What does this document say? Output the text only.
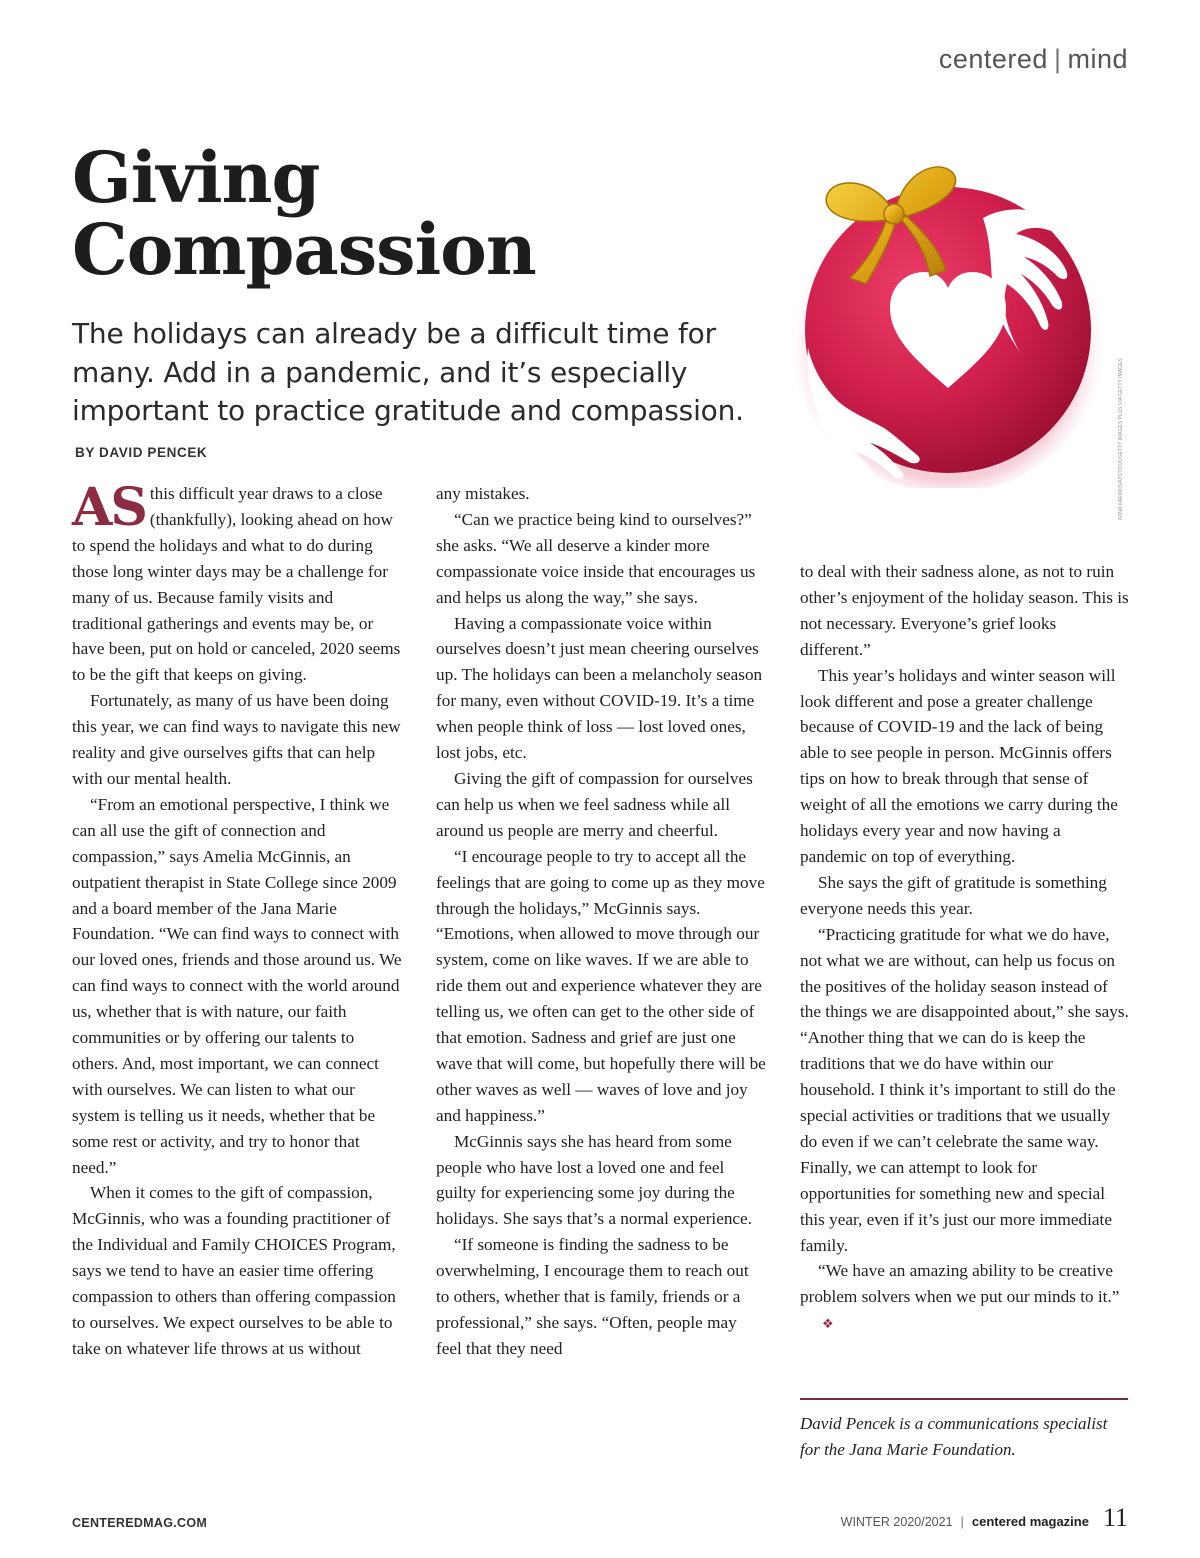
centered | mind
Giving
Compassion

The holidays can already be a difficult time for many. Add in a pandemic, and it’s especially important to practice gratitude and compassion.

BY DAVID PENCEK	IRINA KARIMOVA/ISTOCK/GETTY IMAGES PLUS VIA GETTY IMAGES

AS this difficult year draws to a close (thankfully), looking ahead on how to spend the holidays and what to do during those long winter days may be a challenge for many of us. Because family visits and traditional gatherings and events may be, or have been, put on hold or canceled, 2020 seems to be the gift that keeps on giving.

Fortunately, as many of us have been doing this year, we can find ways to navigate this new reality and give ourselves gifts that can help with our mental health.

“From an emotional perspective, I think we can all use the gift of connection and compassion,” says Amelia McGinnis, an outpatient therapist in State College since 2009 and a board member of the Jana Marie Foundation. “We can find ways to connect with our loved ones, friends and those around us. We can find ways to connect with the world around us, whether that is with nature, our faith communities or by offering our talents to others. And, most important, we can connect with ourselves. We can listen to what our system is telling us it needs, whether that be some rest or activity, and try to honor that need.”

When it comes to the gift of compassion, McGinnis, who was a founding practitioner of the Individual and Family CHOICES Program, says we tend to have an easier time offering compassion to others than offering compassion to ourselves. We expect ourselves to be able to take on whatever life throws at us without

any mistakes.

“Can we practice being kind to ourselves?” she asks. “We all deserve a kinder more compassionate voice inside that encourages us and helps us along the way,” she says.

Having a compassionate voice within ourselves doesn’t just mean cheering ourselves up. The holidays can been a melancholy season for many, even without COVID-19. It’s a time when people think of loss — lost loved ones, lost jobs, etc.

Giving the gift of compassion for ourselves can help us when we feel sadness while all around us people are merry and cheerful.

“I encourage people to try to accept all the feelings that are going to come up as they move through the holidays,” McGinnis says. “Emotions, when allowed to move through our system, come on like waves. If we are able to ride them out and experience whatever they are telling us, we often can get to the other side of that emotion. Sadness and grief are just one wave that will come, but hopefully there will be other waves as well — waves of love and joy and happiness.”

McGinnis says she has heard from some people who have lost a loved one and feel guilty for experiencing some joy during the holidays. She says that’s a normal experience.

“If someone is finding the sadness to be overwhelming, I encourage them to reach out to others, whether that is family, friends or a professional,” she says. “Often, people may feel that they need

to deal with their sadness alone, as not to ruin other’s enjoyment of the holiday season. This is not necessary. Everyone’s grief looks different.”

This year’s holidays and winter season will look different and pose a greater challenge because of COVID-19 and the lack of being able to see people in person. McGinnis offers tips on how to break through that sense of weight of all the emotions we carry during the holidays every year and now having a pandemic on top of everything.

She says the gift of gratitude is something everyone needs this year.

“Practicing gratitude for what we do have, not what we are without, can help us focus on the positives of the holiday season instead of the things we are disappointed about,” she says. “Another thing that we can do is keep the traditions that we do have within our household. I think it’s important to still do the special activities or traditions that we usually do even if we can’t celebrate the same way. Finally, we can attempt to look for opportunities for something new and special this year, even if it’s just our more immediate family.

“We have an amazing ability to be creative problem solvers when we put our minds to it.”❖

David Pencek is a communications specialist for the Jana Marie Foundation.

CENTEREDMAG.COM	WINTER 2020/2021 | centered magazine 11
